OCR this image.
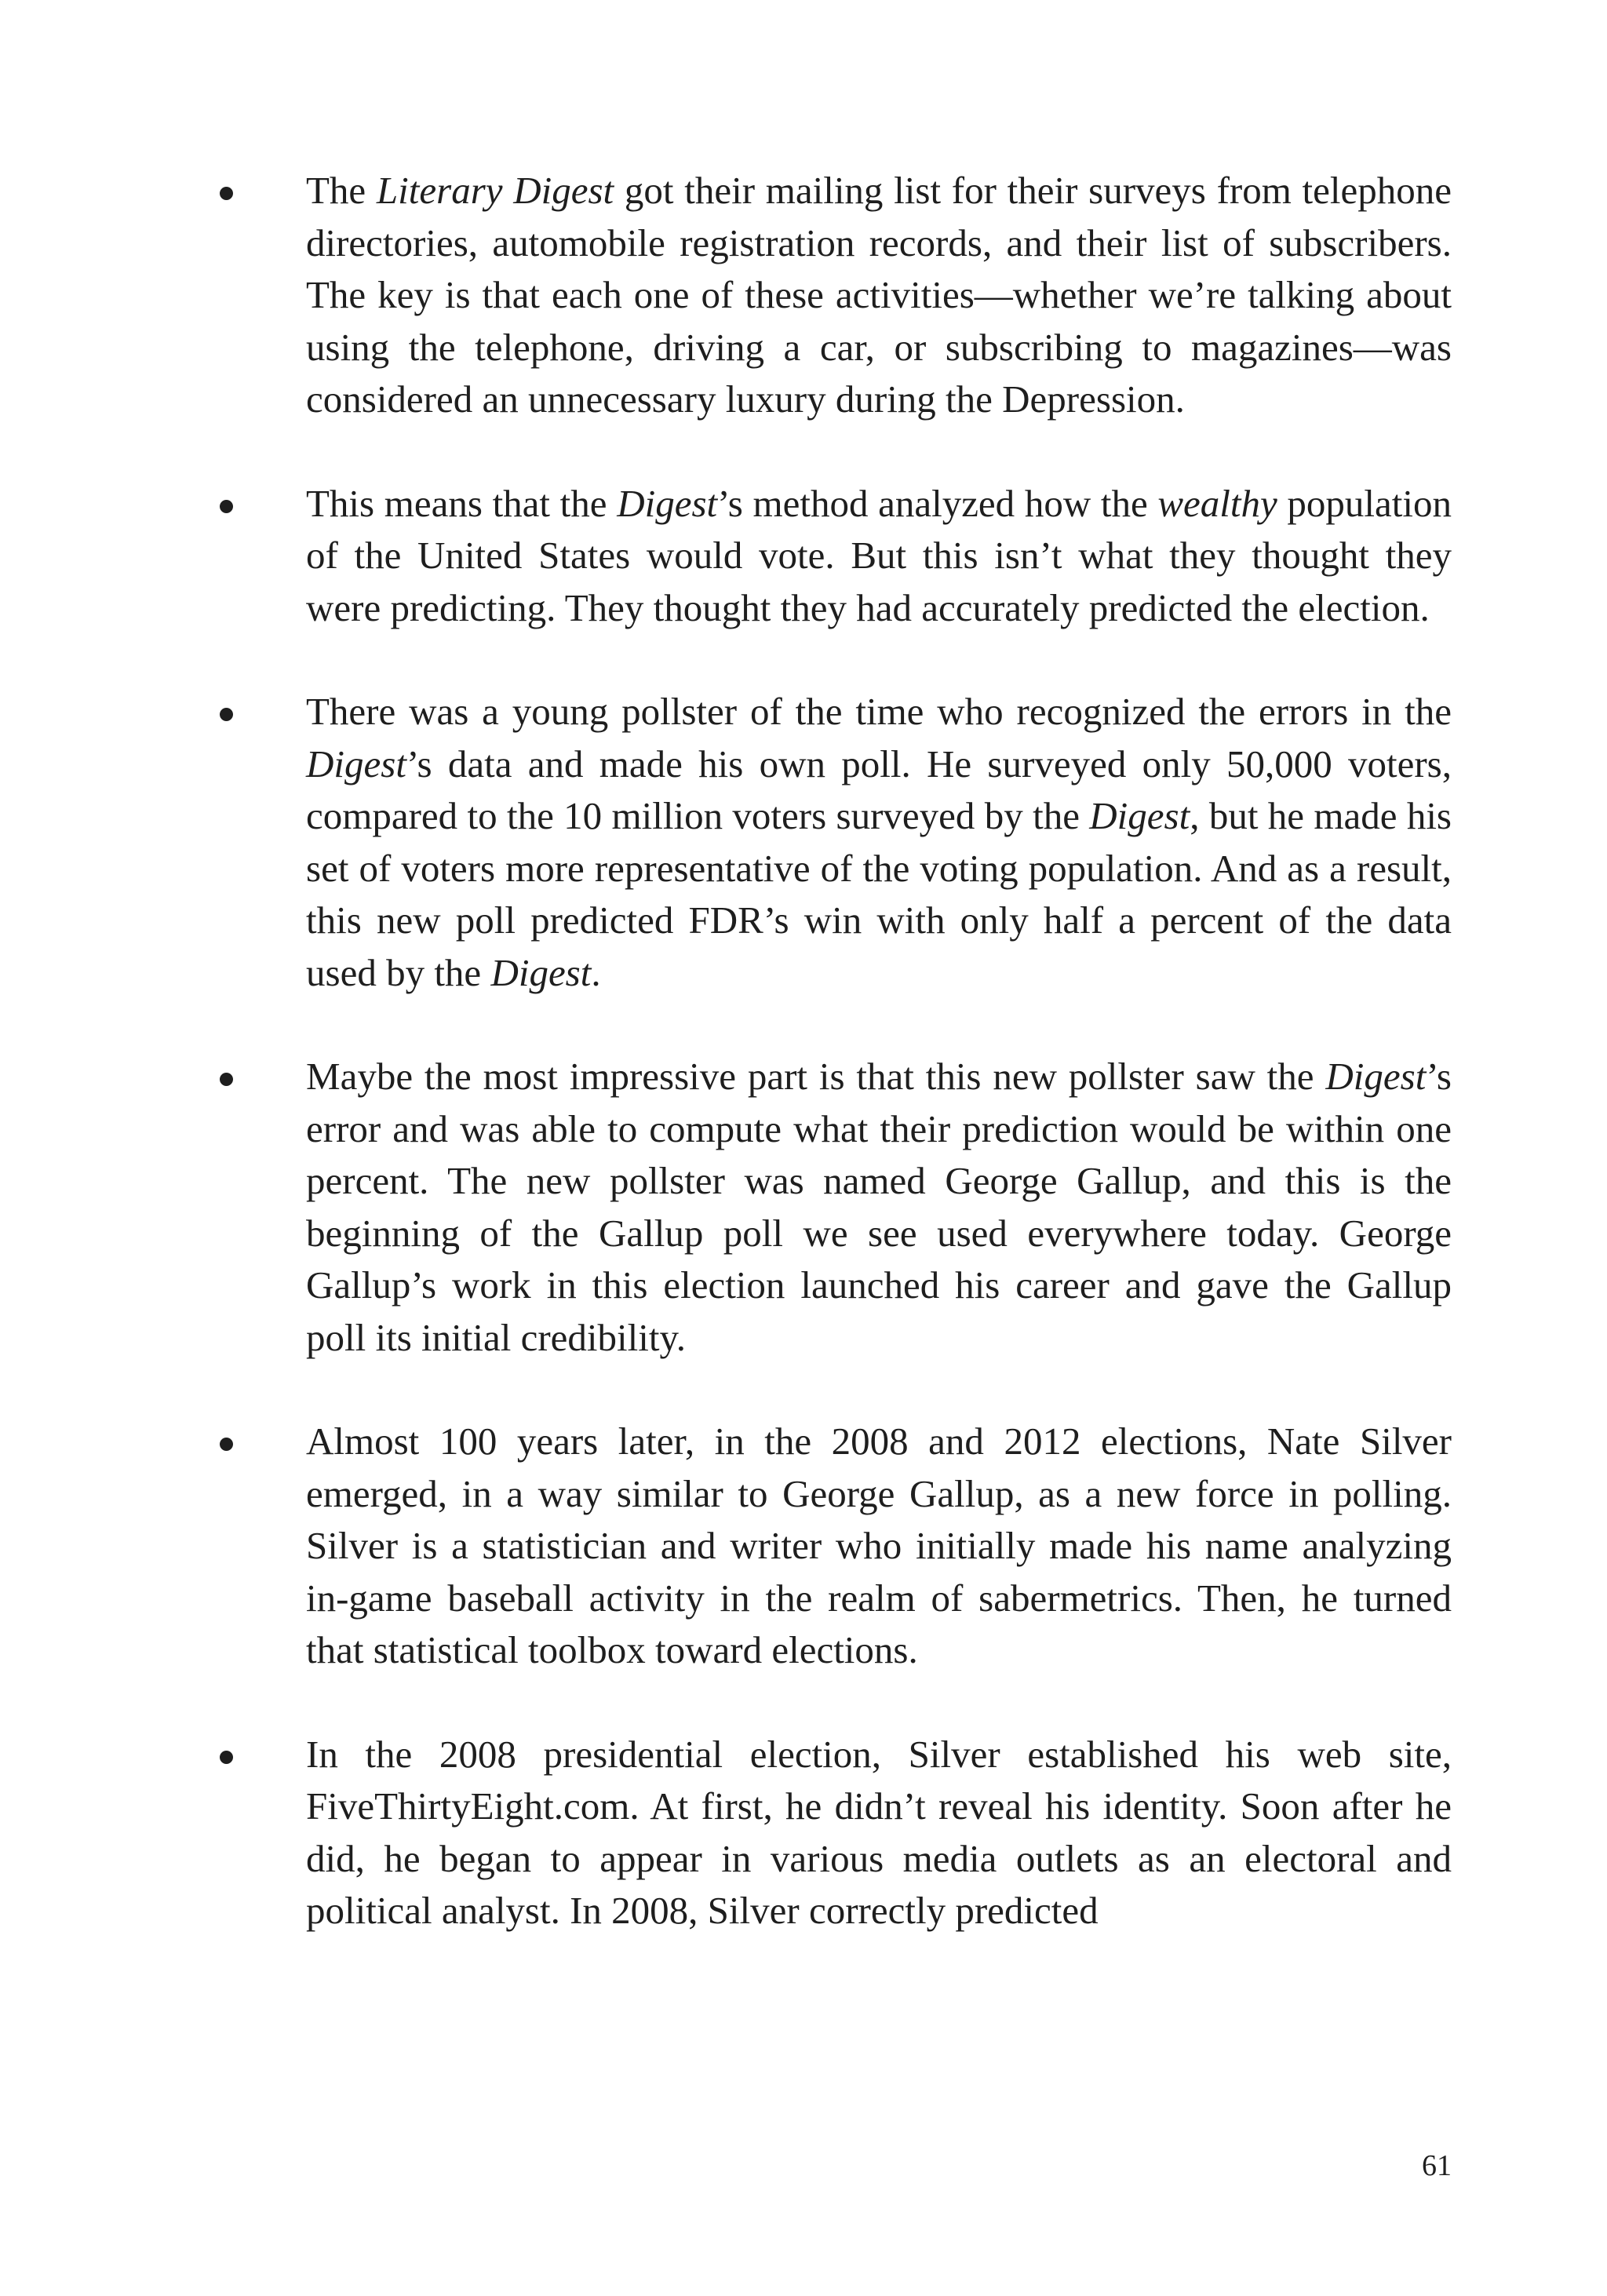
The Literary Digest got their mailing list for their surveys from telephone directories, automobile registration records, and their list of subscribers. The key is that each one of these activities—whether we’re talking about using the telephone, driving a car, or subscribing to magazines—was considered an unnecessary luxury during the Depression.

This means that the Digest’s method analyzed how the wealthy population of the United States would vote. But this isn’t what they thought they were predicting. They thought they had accurately predicted the election.

There was a young pollster of the time who recognized the errors in the Digest’s data and made his own poll. He surveyed only 50,000 voters, compared to the 10 million voters surveyed by the Digest, but he made his set of voters more representative of the voting population. And as a result, this new poll predicted FDR’s win with only half a percent of the data used by the Digest.

Maybe the most impressive part is that this new pollster saw the Digest’s error and was able to compute what their prediction would be within one percent. The new pollster was named George Gallup, and this is the beginning of the Gallup poll we see used everywhere today. George Gallup’s work in this election launched his career and gave the Gallup poll its initial credibility.

Almost 100 years later, in the 2008 and 2012 elections, Nate Silver emerged, in a way similar to George Gallup, as a new force in polling. Silver is a statistician and writer who initially made his name analyzing in-game baseball activity in the realm of sabermetrics. Then, he turned that statistical toolbox toward elections.

In the 2008 presidential election, Silver established his web site, FiveThirtyEight.com. At first, he didn’t reveal his identity. Soon after he did, he began to appear in various media outlets as an electoral and political analyst. In 2008, Silver correctly predicted

61
